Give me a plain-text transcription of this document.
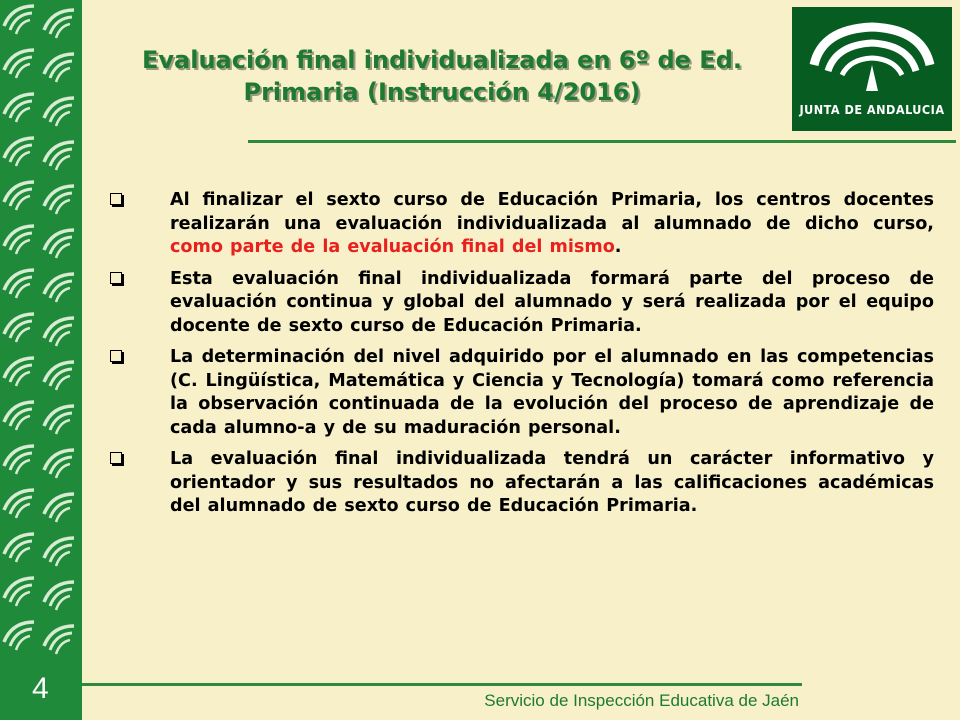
Evaluación final individualizada en 6º de Ed.
Primaria (Instrucción 4/2016)
JUNTA DE ANDALUCIA
Al finalizar el sexto curso de Educación Primaria, los centros docentes realizarán una evaluación individualizada al alumnado de dicho curso, como parte de la evaluación final del mismo.
Esta evaluación final individualizada formará parte del proceso de evaluación continua y global del alumnado y será realizada por el equipo docente de sexto curso de Educación Primaria.
La determinación del nivel adquirido por el alumnado en las competencias (C. Lingüística, Matemática y Ciencia y Tecnología) tomará como referencia la observación continuada de la evolución del proceso de aprendizaje de cada alumno-a y de su maduración personal.
La evaluación final individualizada tendrá un carácter informativo y orientador y sus resultados no afectarán a las calificaciones académicas del alumnado de sexto curso de Educación Primaria.
4	Servicio de Inspección Educativa de Jaén
